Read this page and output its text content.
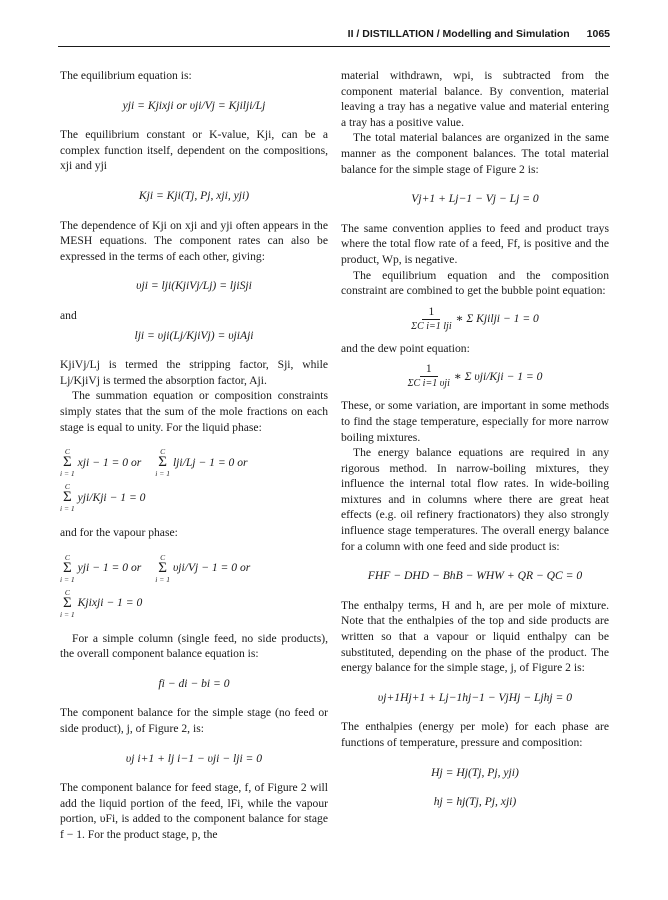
II / DISTILLATION / Modelling and Simulation 1065

The equilibrium equation is:

yji = Kjixji or υji/Vj = Kjilji/Lj

The equilibrium constant or K-value, Kji, can be a complex function itself, dependent on the compositions, xji and yji

Kji = Kji(Tj, Pj, xji, yji)

The dependence of Kji on xji and yji often appears in the MESH equations. The component rates can also be expressed in the terms of each other, giving:

υji = lji(KjiVj/Lj) = ljiSji

and

lji = υji(Lj/KjiVj) = υjiAji

KjiVj/Lj is termed the stripping factor, Sji, while Lj/KjiVj is termed the absorption factor, Aji.

The summation equation or composition constraints simply states that the sum of the mole fractions on each stage is equal to unity. For the liquid phase:

C
Σ
i = 1
xji − 1 = 0 or
C
Σ
i = 1
lji/Lj − 1 = 0 or
C
Σ
i = 1
yji/Kji − 1 = 0

and for the vapour phase:

C
Σ
i = 1
yji − 1 = 0 or
C
Σ
i = 1
υji/Vj − 1 = 0 or
C
Σ
i = 1
Kjixji − 1 = 0

For a simple column (single feed, no side products), the overall component balance equation is:

fi − di − bi = 0

The component balance for the simple stage (no feed or side product), j, of Figure 2, is:

υj i+1 + lj i−1 − υji − lji = 0

The component balance for feed stage, f, of Figure 2 will add the liquid portion of the feed, lFi, while the vapour portion, υFi, is added to the component balance for stage f − 1. For the product stage, p, the

material withdrawn, wpi, is subtracted from the component material balance. By convention, material leaving a tray has a negative value and material entering a tray has a positive value.

The total material balances are organized in the same manner as the component balances. The total material balance for the simple stage of Figure 2 is:

Vj+1 + Lj−1 − Vj − Lj = 0

The same convention applies to feed and product trays where the total flow rate of a feed, Ff, is positive and the product, Wp, is negative.

The equilibrium equation and the composition constraint are combined to get the bubble point equation:

$\frac{1}{\text{ΣC i=1 lji}}$ ∗ Σ Kjilji − 1 = 0

and the dew point equation:

$\frac{1}{\text{ΣC i=1 υji}}$ ∗ Σ υji/Kji − 1 = 0

These, or some variation, are important in some methods to find the stage temperature, especially for more narrow boiling mixtures.

The energy balance equations are required in any rigorous method. In narrow-boiling mixtures, they influence the internal total flow rates. In wide-boiling mixtures and in columns where there are great heat effects (e.g. oil refinery fractionators) they also strongly influence stage temperatures. The overall energy balance for a column with one feed and side product is:

FHF − DHD − BhB − WHW + QR − QC = 0

The enthalpy terms, H and h, are per mole of mixture. Note that the enthalpies of the top and side products are written so that a vapour or liquid enthalpy can be substituted, depending on the phase of the product. The energy balance for the simple stage, j, of Figure 2 is:

υj+1Hj+1 + Lj−1hj−1 − VjHj − Ljhj = 0

The enthalpies (energy per mole) for each phase are functions of temperature, pressure and composition:

Hj = Hj(Tj, Pj, yji)
hj = hj(Tj, Pj, xji)
